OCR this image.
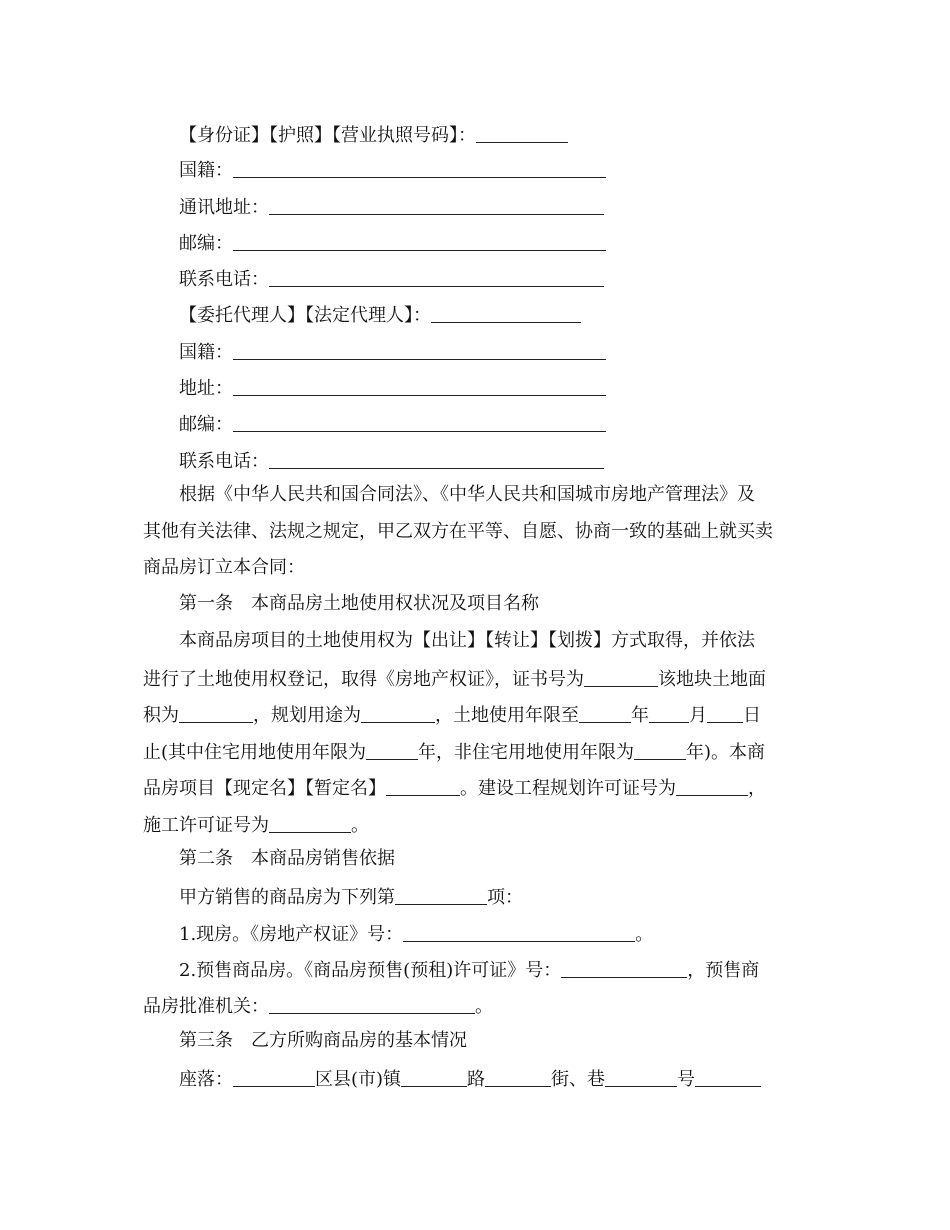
【身份证】【护照】【营业执照号码】：
国籍：
通讯地址：
邮编：
联系电话：
【委托代理人】【法定代理人】：
国籍：
地址：
邮编：
联系电话：
根据《中华人民共和国合同法》、《中华人民共和国城市房地产管理法》及
其他有关法律、法规之规定，甲乙双方在平等、自愿、协商一致的基础上就买卖
商品房订立本合同：
第一条　本商品房土地使用权状况及项目名称
本商品房项目的土地使用权为【出让】【转让】【划拨】方式取得，并依法
进行了土地使用权登记，取得《房地产权证》，证书号为	该地块土地面
积为	，规划用途为	，土地使用年限至	年 月 日
止(其中住宅用地使用年限为	年，非住宅用地使用年限为	年)。本商
品房项目【现定名】【暂定名】	。建设工程规划许可证号为	，
施工许可证号为	。
第二条　本商品房销售依据
甲方销售的商品房为下列第	项：
1.现房。《房地产权证》号：	。
2.预售商品房。《商品房预售(预租)许可证》号：	，预售商
品房批准机关：	。
第三条　乙方所购商品房的基本情况
座落：	区县(市)镇	路	街、巷	号
